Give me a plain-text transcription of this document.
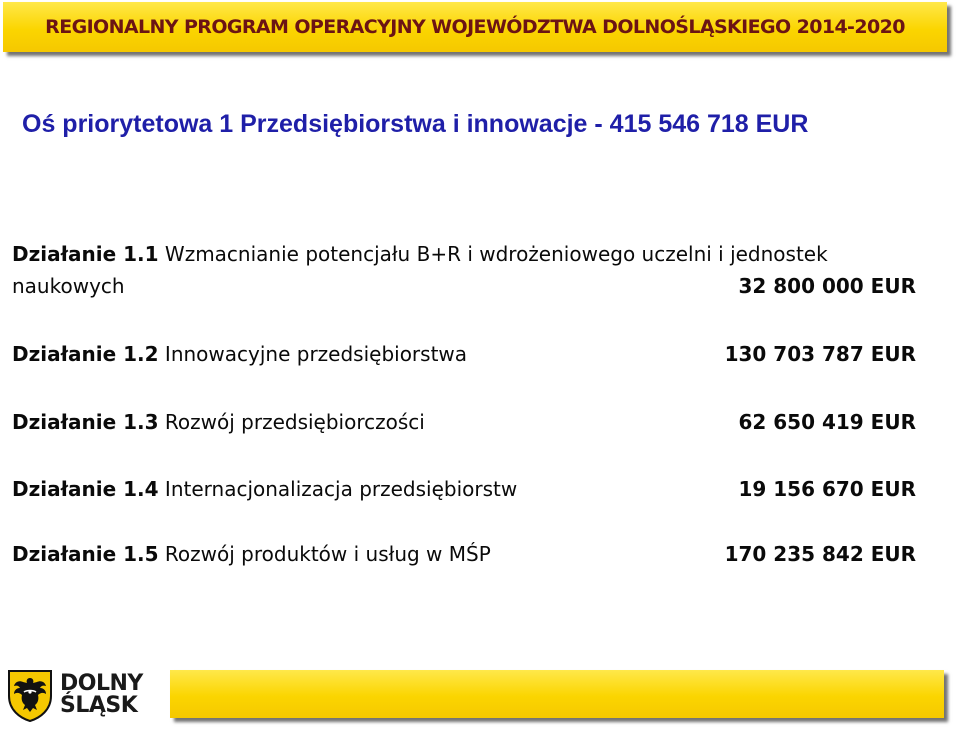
REGIONALNY PROGRAM OPERACYJNY WOJEWÓDZTWA DOLNOŚLĄSKIEGO 2014-2020
Oś priorytetowa 1 Przedsiębiorstwa i innowacje - 415 546 718 EUR
Działanie 1.1 Wzmacnianie potencjału B+R i wdrożeniowego uczelni i jednostek
naukowych	32 800 000 EUR
Działanie 1.2 Innowacyjne przedsiębiorstwa	130 703 787 EUR
Działanie 1.3 Rozwój przedsiębiorczości	62 650 419 EUR
Działanie 1.4 Internacjonalizacja przedsiębiorstw	19 156 670 EUR
Działanie 1.5 Rozwój produktów i usług w MŚP	170 235 842 EUR
DOLNY
ŚLĄSK
